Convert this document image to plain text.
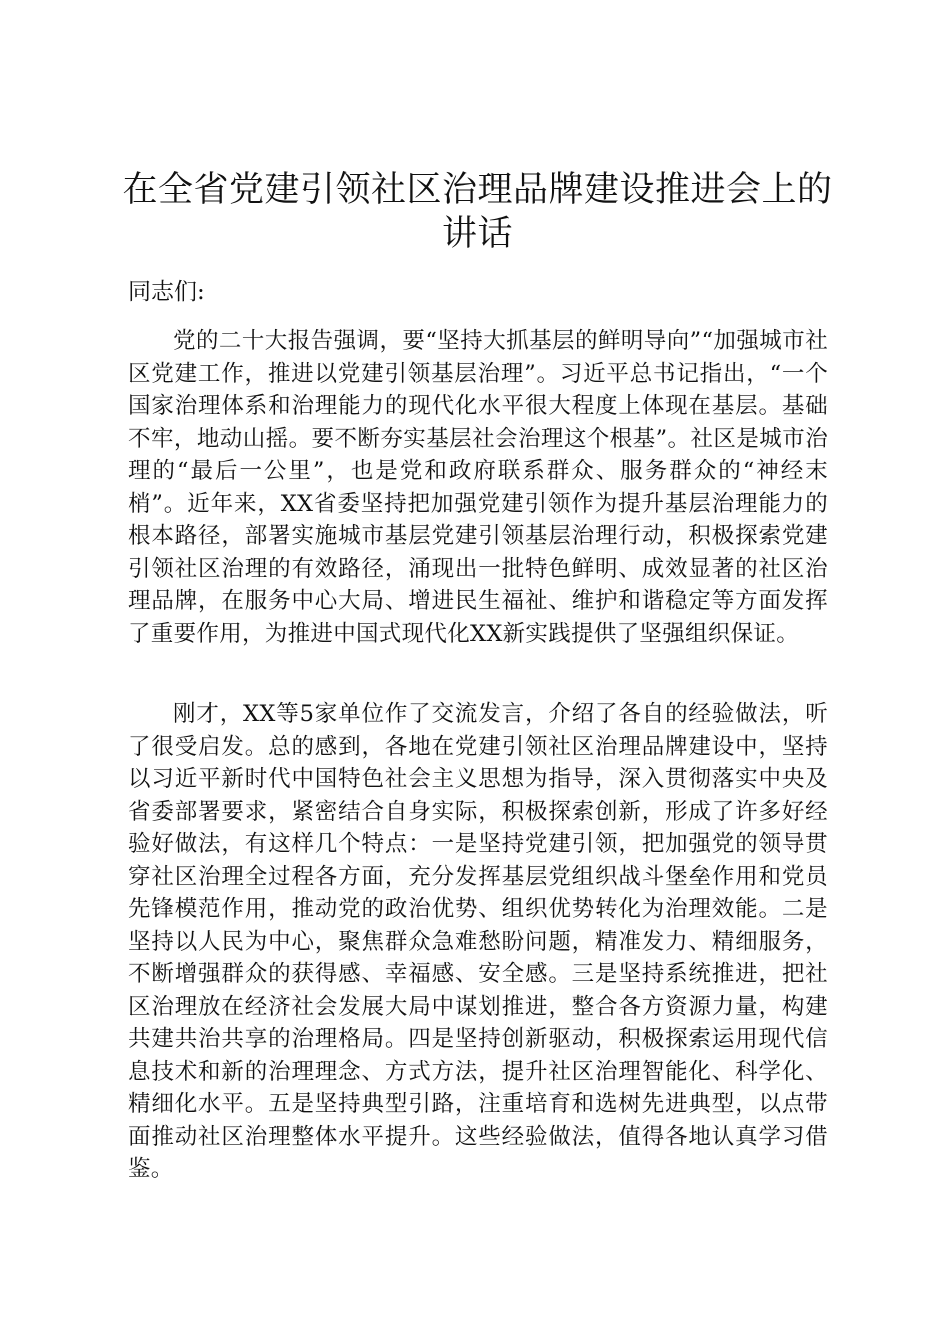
在全省党建引领社区治理品牌建设推进会上的讲话

同志们:

党的二十大报告强调，要“坚持大抓基层的鲜明导向”“加强城市社区党建工作，推进以党建引领基层治理”。习近平总书记指出，“一个国家治理体系和治理能力的现代化水平很大程度上体现在基层。基础不牢，地动山摇。要不断夯实基层社会治理这个根基”。社区是城市治理的“最后一公里”，也是党和政府联系群众、服务群众的“神经末梢”。近年来，XX省委坚持把加强党建引领作为提升基层治理能力的根本路径，部署实施城市基层党建引领基层治理行动，积极探索党建引领社区治理的有效路径，涌现出一批特色鲜明、成效显著的社区治理品牌，在服务中心大局、增进民生福祉、维护和谐稳定等方面发挥了重要作用，为推进中国式现代化XX新实践提供了坚强组织保证。

刚才，XX等5家单位作了交流发言，介绍了各自的经验做法，听了很受启发。总的感到，各地在党建引领社区治理品牌建设中，坚持以习近平新时代中国特色社会主义思想为指导，深入贯彻落实中央及省委部署要求，紧密结合自身实际，积极探索创新，形成了许多好经验好做法，有这样几个特点：一是坚持党建引领，把加强党的领导贯穿社区治理全过程各方面，充分发挥基层党组织战斗堡垒作用和党员先锋模范作用，推动党的政治优势、组织优势转化为治理效能。二是坚持以人民为中心，聚焦群众急难愁盼问题，精准发力、精细服务，不断增强群众的获得感、幸福感、安全感。三是坚持系统推进，把社区治理放在经济社会发展大局中谋划推进，整合各方资源力量，构建共建共治共享的治理格局。四是坚持创新驱动，积极探索运用现代信息技术和新的治理理念、方式方法，提升社区治理智能化、科学化、精细化水平。五是坚持典型引路，注重培育和选树先进典型，以点带面推动社区治理整体水平提升。这些经验做法，值得各地认真学习借鉴。
